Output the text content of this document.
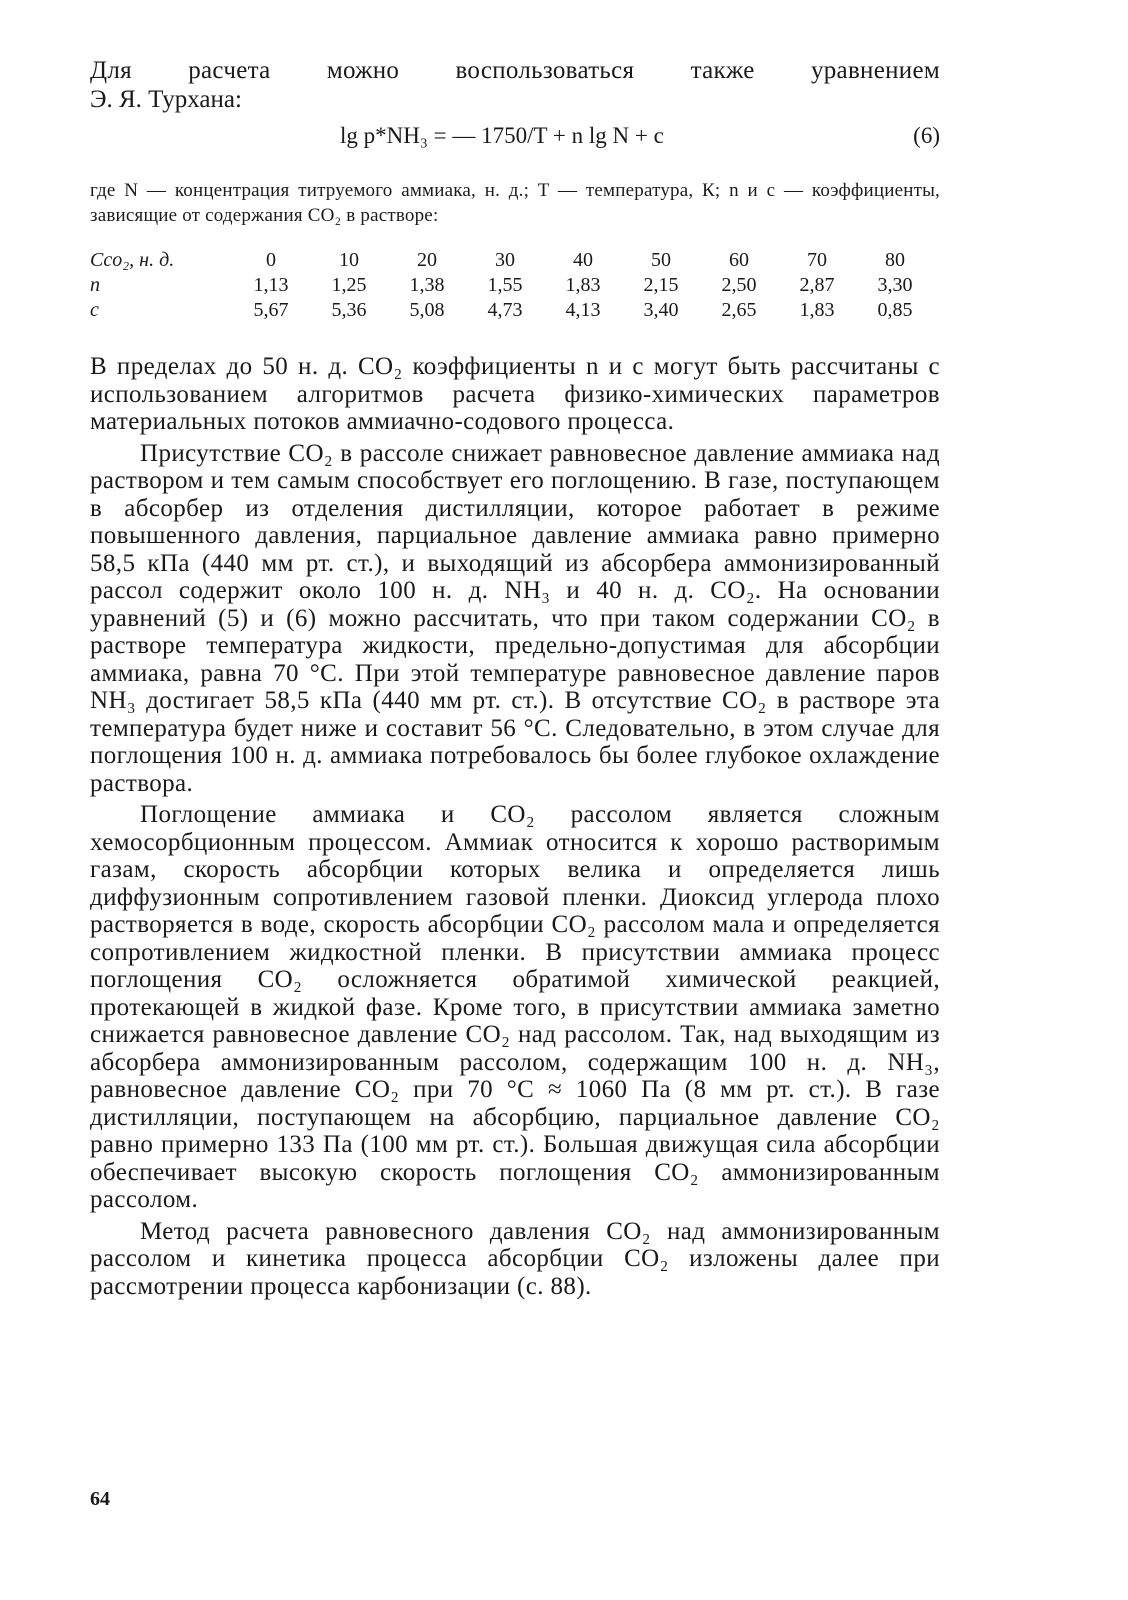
Для расчета можно воспользоваться также уравнением

Э. Я. Турхана:

lg p*NH₃ = — 1750/T + n lg N + c	(6)

где N — концентрация титруемого аммиака, н. д.; T — температура, К; n и c — коэффициенты, зависящие от содержания CO₂ в растворе:

Cco₂, н. д.	0	10	20	30	40	50	60	70	80
n	1,13	1,25	1,38	1,55	1,83	2,15	2,50	2,87	3,30
c	5,67	5,36	5,08	4,73	4,13	3,40	2,65	1,83	0,85

В пределах до 50 н. д. CO₂ коэффициенты n и c могут быть рассчитаны с использованием алгоритмов расчета физико-химических параметров материальных потоков аммиачно-содового процесса.

Присутствие CO₂ в рассоле снижает равновесное давление аммиака над раствором и тем самым способствует его поглощению. В газе, поступающем в абсорбер из отделения дистилляции, которое работает в режиме повышенного давления, парциальное давление аммиака равно примерно 58,5 кПа (440 мм рт. ст.), и выходящий из абсорбера аммонизированный рассол содержит около 100 н. д. NH₃ и 40 н. д. CO₂. На основании уравнений (5) и (6) можно рассчитать, что при таком содержании CO₂ в растворе температура жидкости, предельно-допустимая для абсорбции аммиака, равна 70 °C. При этой температуре равновесное давление паров NH₃ достигает 58,5 кПа (440 мм рт. ст.). В отсутствие CO₂ в растворе эта температура будет ниже и составит 56 °C. Следовательно, в этом случае для поглощения 100 н. д. аммиака потребовалось бы более глубокое охлаждение раствора.

Поглощение аммиака и CO₂ рассолом является сложным хемосорбционным процессом. Аммиак относится к хорошо растворимым газам, скорость абсорбции которых велика и определяется лишь диффузионным сопротивлением газовой пленки. Диоксид углерода плохо растворяется в воде, скорость абсорбции CO₂ рассолом мала и определяется сопротивлением жидкостной пленки. В присутствии аммиака процесс поглощения CO₂ осложняется обратимой химической реакцией, протекающей в жидкой фазе. Кроме того, в присутствии аммиака заметно снижается равновесное давление CO₂ над рассолом. Так, над выходящим из абсорбера аммонизированным рассолом, содержащим 100 н. д. NH₃, равновесное давление CO₂ при 70 °C ≈ 1060 Па (8 мм рт. ст.). В газе дистилляции, поступающем на абсорбцию, парциальное давление CO₂ равно примерно 133 Па (100 мм рт. ст.). Большая движущая сила абсорбции обеспечивает высокую скорость поглощения CO₂ аммонизированным рассолом.

Метод расчета равновесного давления CO₂ над аммонизированным рассолом и кинетика процесса абсорбции CO₂ изложены далее при рассмотрении процесса карбонизации (с. 88).

64
